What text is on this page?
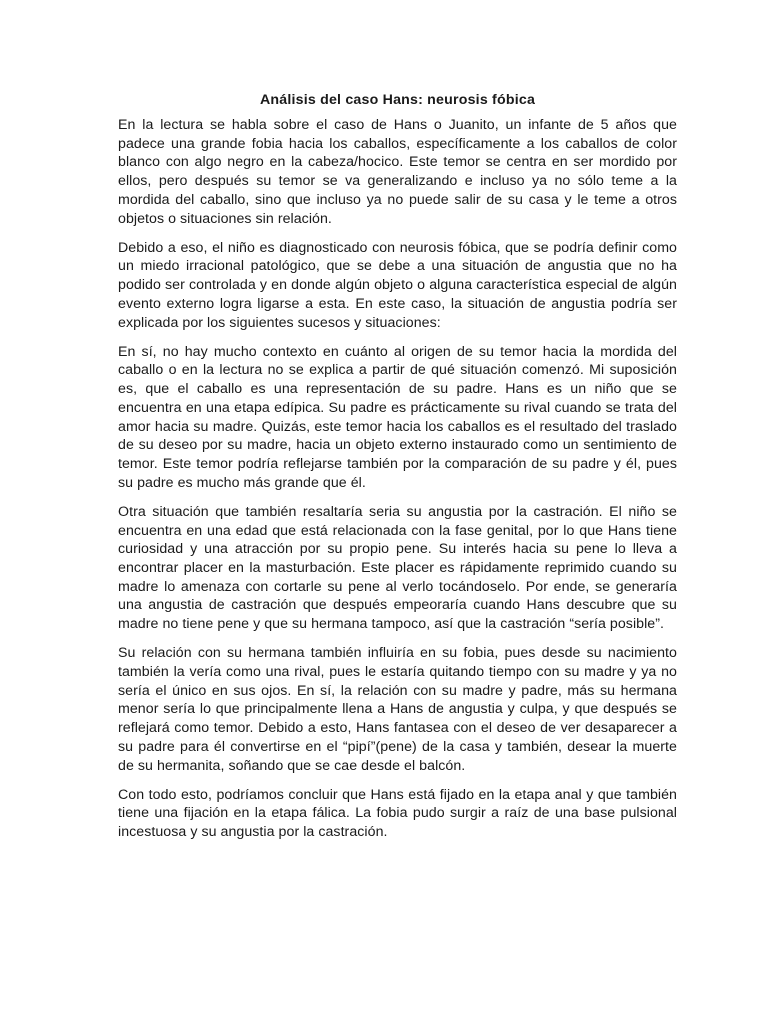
Análisis del caso Hans: neurosis fóbica

En la lectura se habla sobre el caso de Hans o Juanito, un infante de 5 años que padece una grande fobia hacia los caballos, específicamente a los caballos de color blanco con algo negro en la cabeza/hocico. Este temor se centra en ser mordido por ellos, pero después su temor se va generalizando e incluso ya no sólo teme a la mordida del caballo, sino que incluso ya no puede salir de su casa y le teme a otros objetos o situaciones sin relación.

Debido a eso, el niño es diagnosticado con neurosis fóbica, que se podría definir como un miedo irracional patológico, que se debe a una situación de angustia que no ha podido ser controlada y en donde algún objeto o alguna característica especial de algún evento externo logra ligarse a esta. En este caso, la situación de angustia podría ser explicada por los siguientes sucesos y situaciones:

En sí, no hay mucho contexto en cuánto al origen de su temor hacia la mordida del caballo o en la lectura no se explica a partir de qué situación comenzó. Mi suposición es, que el caballo es una representación de su padre. Hans es un niño que se encuentra en una etapa edípica. Su padre es prácticamente su rival cuando se trata del amor hacia su madre. Quizás, este temor hacia los caballos es el resultado del traslado de su deseo por su madre, hacia un objeto externo instaurado como un sentimiento de temor. Este temor podría reflejarse también por la comparación de su padre y él, pues su padre es mucho más grande que él.

Otra situación que también resaltaría seria su angustia por la castración. El niño se encuentra en una edad que está relacionada con la fase genital, por lo que Hans tiene curiosidad y una atracción por su propio pene. Su interés hacia su pene lo lleva a encontrar placer en la masturbación. Este placer es rápidamente reprimido cuando su madre lo amenaza con cortarle su pene al verlo tocándoselo. Por ende, se generaría una angustia de castración que después empeoraría cuando Hans descubre que su madre no tiene pene y que su hermana tampoco, así que la castración “sería posible”.

Su relación con su hermana también influiría en su fobia, pues desde su nacimiento también la vería como una rival, pues le estaría quitando tiempo con su madre y ya no sería el único en sus ojos. En sí, la relación con su madre y padre, más su hermana menor sería lo que principalmente llena a Hans de angustia y culpa, y que después se reflejará como temor. Debido a esto, Hans fantasea con el deseo de ver desaparecer a su padre para él convertirse en el “pipí”(pene) de la casa y también, desear la muerte de su hermanita, soñando que se cae desde el balcón.

Con todo esto, podríamos concluir que Hans está fijado en la etapa anal y que también tiene una fijación en la etapa fálica. La fobia pudo surgir a raíz de una base pulsional incestuosa y su angustia por la castración.
